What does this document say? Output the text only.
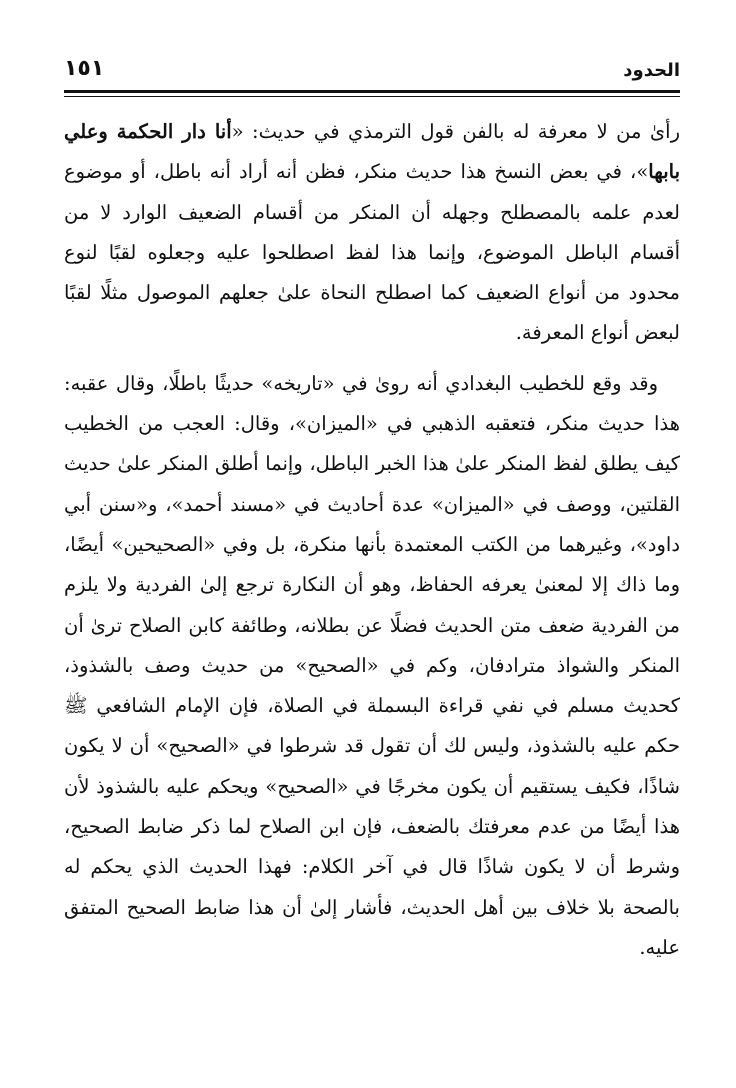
الحدود
١٥١

رأىٰ من لا معرفة له بالفن قول الترمذي في حديث: «أنا دار الحكمة وعلي بابها»، في بعض النسخ هذا حديث منكر، فظن أنه أراد أنه باطل، أو موضوع لعدم علمه بالمصطلح وجهله أن المنكر من أقسام الضعيف الوارد لا من أقسام الباطل الموضوع، وإنما هذا لفظ اصطلحوا عليه وجعلوه لقبًا لنوع محدود من أنواع الضعيف كما اصطلح النحاة علىٰ جعلهم الموصول مثلًا لقبًا لبعض أنواع المعرفة.

وقد وقع للخطيب البغدادي أنه روىٰ في «تاريخه» حديثًا باطلًا، وقال عقبه: هذا حديث منكر، فتعقبه الذهبي في «الميزان»، وقال: العجب من الخطيب كيف يطلق لفظ المنكر علىٰ هذا الخبر الباطل، وإنما أطلق المنكر علىٰ حديث القلتين، ووصف في «الميزان» عدة أحاديث في «مسند أحمد»، و«سنن أبي داود»، وغيرهما من الكتب المعتمدة بأنها منكرة، بل وفي «الصحيحين» أيضًا، وما ذاك إلا لمعنىٰ يعرفه الحفاظ، وهو أن النكارة ترجع إلىٰ الفردية ولا يلزم من الفردية ضعف متن الحديث فضلًا عن بطلانه، وطائفة كابن الصلاح ترىٰ أن المنكر والشواذ مترادفان، وكم في «الصحيح» من حديث وصف بالشذوذ، كحديث مسلم في نفي قراءة البسملة في الصلاة، فإن الإمام الشافعي ﷺ حكم عليه بالشذوذ، وليس لك أن تقول قد شرطوا في «الصحيح» أن لا يكون شاذًا، فكيف يستقيم أن يكون مخرجًا في «الصحيح» ويحكم عليه بالشذوذ لأن هذا أيضًا من عدم معرفتك بالضعف، فإن ابن الصلاح لما ذكر ضابط الصحيح، وشرط أن لا يكون شاذًا قال في آخر الكلام: فهذا الحديث الذي يحكم له بالصحة بلا خلاف بين أهل الحديث، فأشار إلىٰ أن هذا ضابط الصحيح المتفق عليه.
